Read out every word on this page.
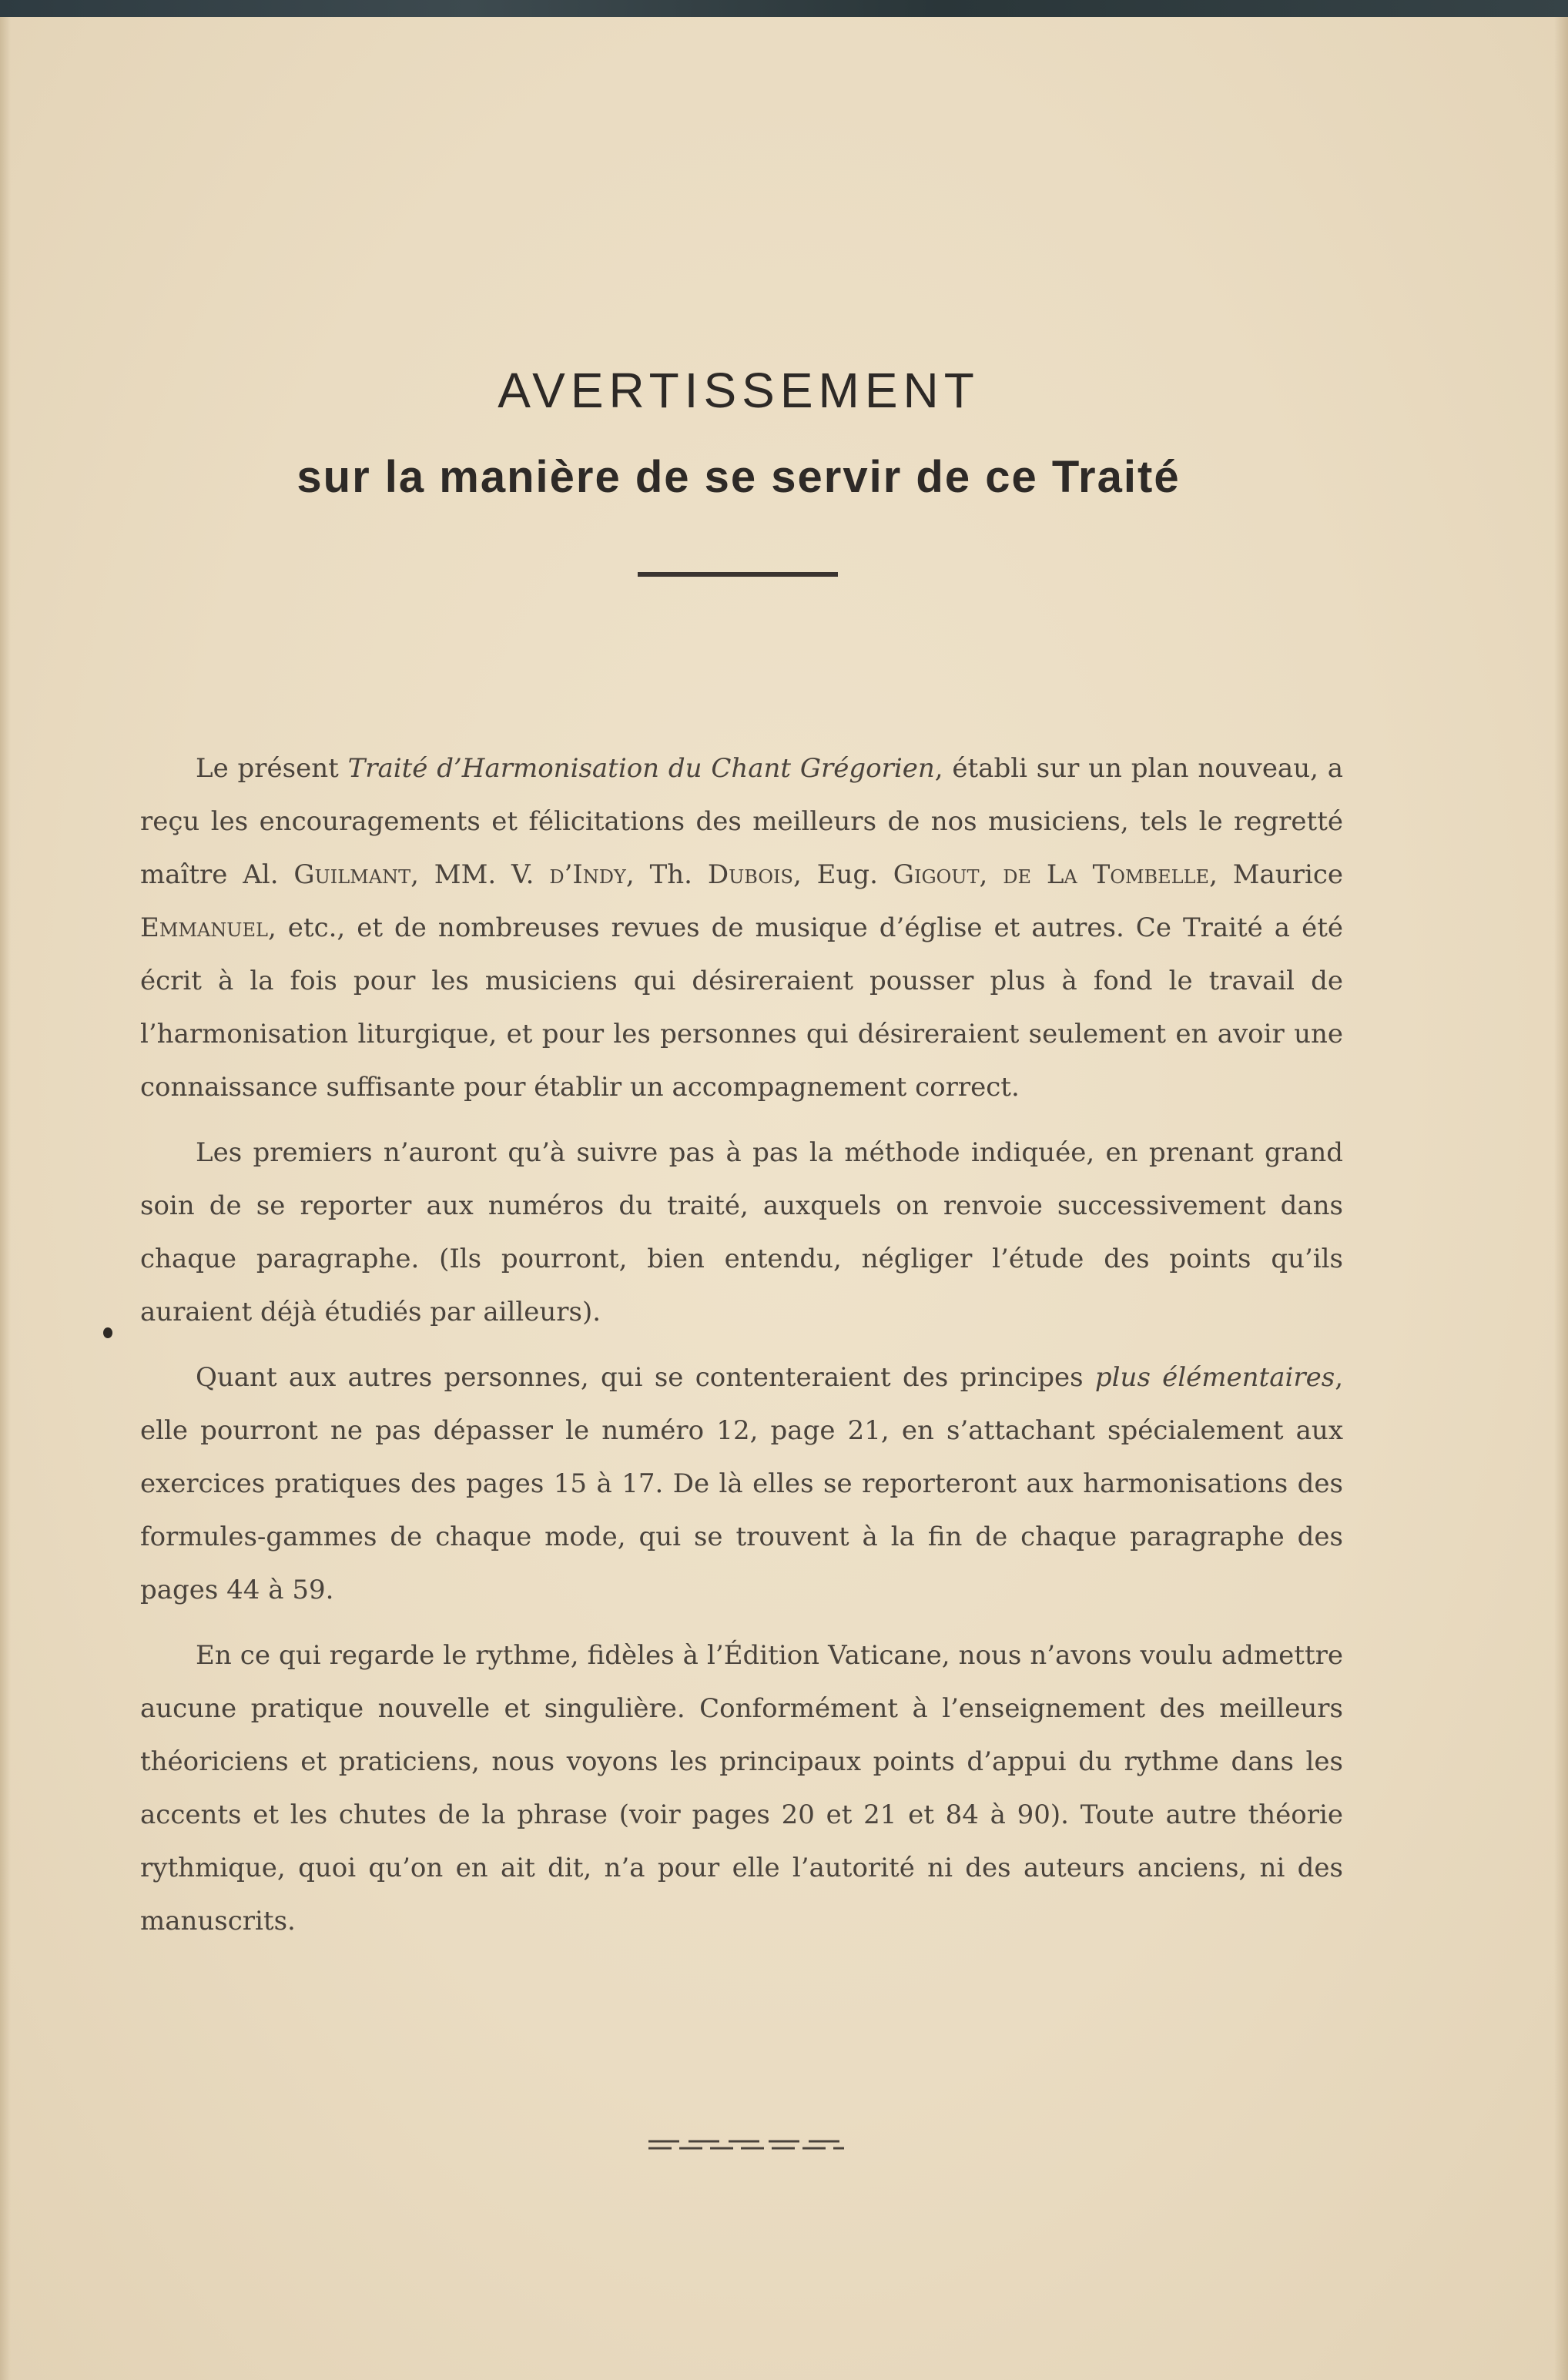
AVERTISSEMENT
sur la manière de se servir de ce Traité

Le présent Traité d’Harmonisation du Chant Grégorien, établi sur un plan nouveau, a reçu les encouragements et félicitations des meilleurs de nos musiciens, tels le regretté maître Al. Guilmant, MM. V. d’Indy, Th. Dubois, Eug. Gigout, de La Tombelle, Maurice Emmanuel, etc., et de nombreuses revues de musique d’église et autres. Ce Traité a été écrit à la fois pour les musiciens qui désireraient pousser plus à fond le travail de l’harmonisation liturgique, et pour les personnes qui désireraient seulement en avoir une connaissance suffisante pour établir un accompagnement correct.

Les premiers n’auront qu’à suivre pas à pas la méthode indiquée, en prenant grand soin de se reporter aux numéros du traité, auxquels on renvoie successivement dans chaque paragraphe. (Ils pourront, bien entendu, négliger l’étude des points qu’ils auraient déjà étudiés par ailleurs).

Quant aux autres personnes, qui se contenteraient des principes plus élémentaires, elle pourront ne pas dépasser le numéro 12, page 21, en s’attachant spécialement aux exercices pratiques des pages 15 à 17. De là elles se reporteront aux harmonisations des formules-gammes de chaque mode, qui se trouvent à la fin de chaque paragraphe des pages 44 à 59.

En ce qui regarde le rythme, fidèles à l’Édition Vaticane, nous n’avons voulu admettre aucune pratique nouvelle et singulière. Conformément à l’enseignement des meilleurs théoriciens et praticiens, nous voyons les principaux points d’appui du rythme dans les accents et les chutes de la phrase (voir pages 20 et 21 et 84 à 90). Toute autre théorie rythmique, quoi qu’on en ait dit, n’a pour elle l’autorité ni des auteurs anciens, ni des manuscrits.
